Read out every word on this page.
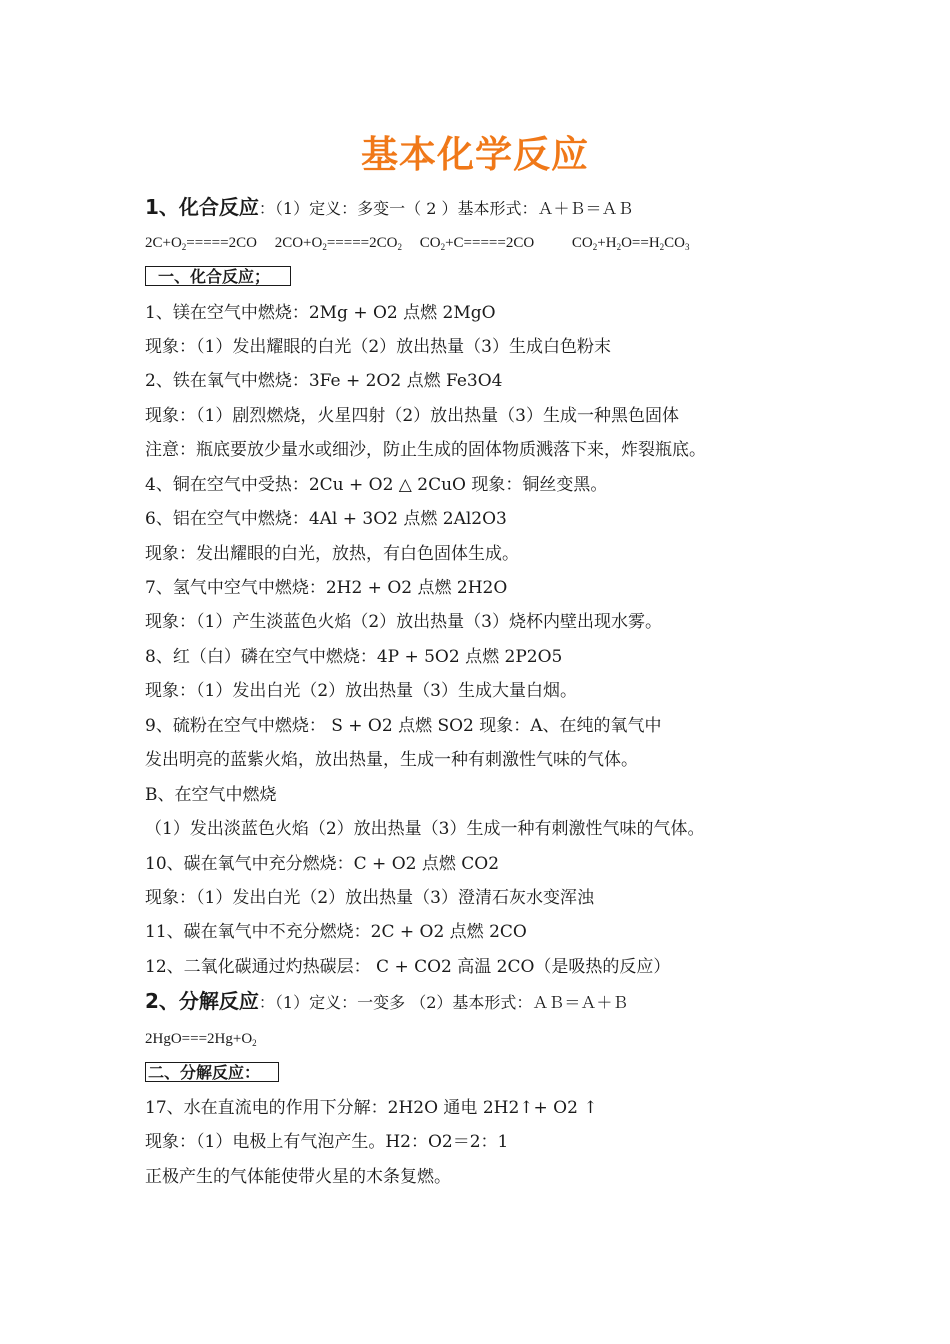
基本化学反应
1、化合反应：（1）定义：多变一（ 2 ）基本形式：Ａ＋Ｂ＝ＡＢ
$2C+O_2=====2CO$ $2CO+O_2=====2CO_2$ $CO_2+C=====2CO$	$CO_2+H_2O==H_2CO_3$
一、化合反应；
1、镁在空气中燃烧：2Mg + O2 点燃 2MgO
现象：（1）发出耀眼的白光（2）放出热量（3）生成白色粉末
2、铁在氧气中燃烧：3Fe + 2O2 点燃 Fe3O4
现象：（1）剧烈燃烧，火星四射（2）放出热量（3）生成一种黑色固体
注意：瓶底要放少量水或细沙，防止生成的固体物质溅落下来，炸裂瓶底。
4、铜在空气中受热：2Cu + O2 △ 2CuO 现象：铜丝变黑。
6、铝在空气中燃烧：4Al + 3O2 点燃 2Al2O3
现象：发出耀眼的白光，放热，有白色固体生成。
7、氢气中空气中燃烧：2H2 + O2 点燃 2H2O
现象：（1）产生淡蓝色火焰（2）放出热量（3）烧杯内壁出现水雾。
8、红（白）磷在空气中燃烧：4P + 5O2 点燃 2P2O5
现象：（1）发出白光（2）放出热量（3）生成大量白烟。
9、硫粉在空气中燃烧： S + O2 点燃 SO2 现象：A、在纯的氧气中
发出明亮的蓝紫火焰，放出热量，生成一种有刺激性气味的气体。
B、在空气中燃烧
（1）发出淡蓝色火焰（2）放出热量（3）生成一种有刺激性气味的气体。
10、碳在氧气中充分燃烧：C + O2 点燃 CO2
现象：（1）发出白光（2）放出热量（3）澄清石灰水变浑浊
11、碳在氧气中不充分燃烧：2C + O2 点燃 2CO
12、二氧化碳通过灼热碳层： C + CO2 高温 2CO（是吸热的反应）
2、分解反应：（1）定义：一变多 （2）基本形式：ＡＢ＝Ａ＋Ｂ
$2HgO===2Hg+O_2$
二、分解反应：
17、水在直流电的作用下分解：2H2O 通电 2H2↑+ O2 ↑
现象：（1）电极上有气泡产生。H2：O2＝2：1
正极产生的气体能使带火星的木条复燃。
